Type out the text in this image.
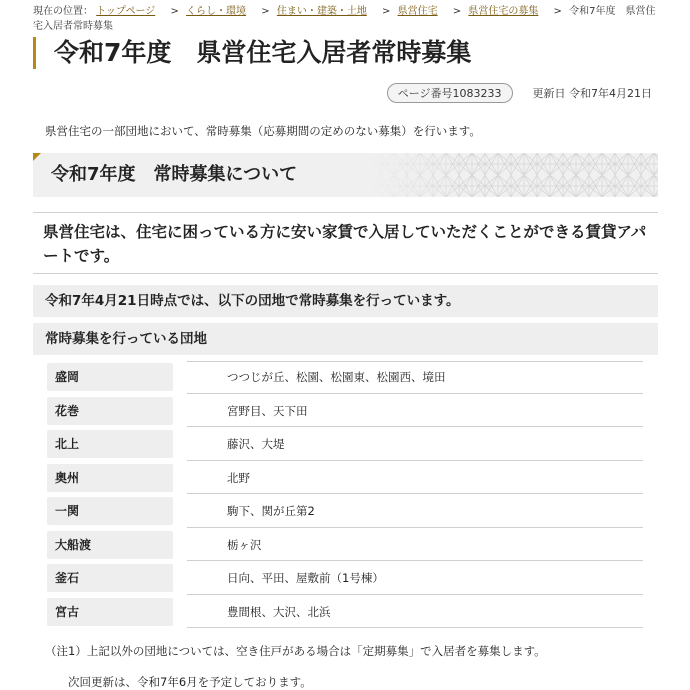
現在の位置： トップページ > くらし・環境 > 住まい・建築・土地 > 県営住宅 > 県営住宅の募集 > 令和7年度　県営住宅入居者常時募集
令和7年度　県営住宅入居者常時募集
ページ番号1083233	更新日 令和7年4月21日

県営住宅の一部団地において、常時募集（応募期間の定めのない募集）を行います。

令和7年度　常時募集について
県営住宅は、住宅に困っている方に安い家賃で入居していただくことができる賃貸アパートです。
令和7年4月21日時点では、以下の団地で常時募集を行っています。
常時募集を行っている団地
盛岡	つつじが丘、松園、松園東、松園西、境田
花巻	宮野目、天下田
北上	藤沢、大堤
奥州	北野
一関	駒下、関が丘第2
大船渡	栃ヶ沢
釜石	日向、平田、屋敷前（1号棟）
宮古	豊間根、大沢、北浜

（注1）上記以外の団地については、空き住戸がある場合は「定期募集」で入居者を募集します。

次回更新は、令和7年6月を予定しております。
